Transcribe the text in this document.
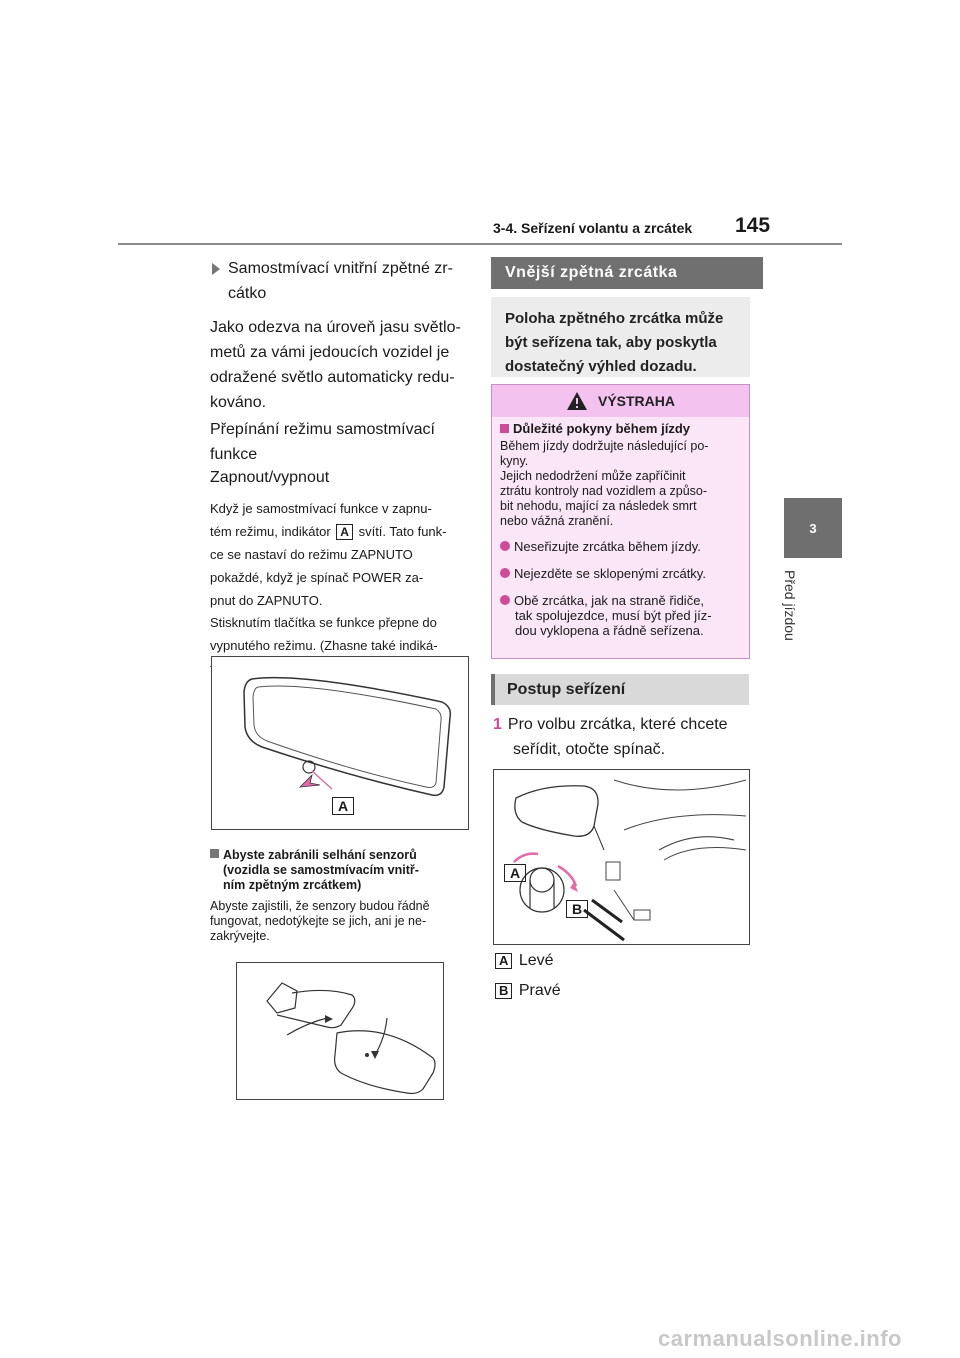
3-4. Seřízení volantu a zrcátek 145
3
Před jízdou
Samostmívací vnitřní zpětné zr-
cátko
Jako odezva na úroveň jasu světlo-
metů za vámi jedoucích vozidel je
odražené světlo automaticky redu-
kováno.
Přepínání režimu samostmívací
funkce
Zapnout/vypnout
Když je samostmívací funkce v zapnu-
tém režimu, indikátor A svítí. Tato funk-
ce se nastaví do režimu ZAPNUTO
pokaždé, když je spínač POWER za-
pnut do ZAPNUTO.
Stisknutím tlačítka se funkce přepne do
vypnutého režimu. (Zhasne také indiká-
A
Abyste zabránili selhání senzorů
(vozidla se samostmívacím vnitř-
ním zpětným zrcátkem)
Abyste zajistili, že senzory budou řádně
fungovat, nedotýkejte se jich, ani je ne-
zakrývejte.
Vnější zpětná zrcátka
Poloha zpětného zrcátka může
být seřízena tak, aby poskytla
dostatečný výhled dozadu.
VÝSTRAHA
Důležité pokyny během jízdy
Během jízdy dodržujte následující po-
kyny.
Jejich nedodržení může zapříčinit
ztrátu kontroly nad vozidlem a způso-
bit nehodu, mající za následek smrt
nebo vážná zranění.
Neseřizujte zrcátka během jízdy.
Nejezděte se sklopenými zrcátky.
Obě zrcátka, jak na straně řidiče,
tak spolujezdce, musí být před jíz-
dou vyklopena a řádně seřízena.
Postup seřízení
1 Pro volbu zrcátka, které chcete
seřídit, otočte spínač.
A
B
A Levé
B Pravé
carmanualsonline.info
